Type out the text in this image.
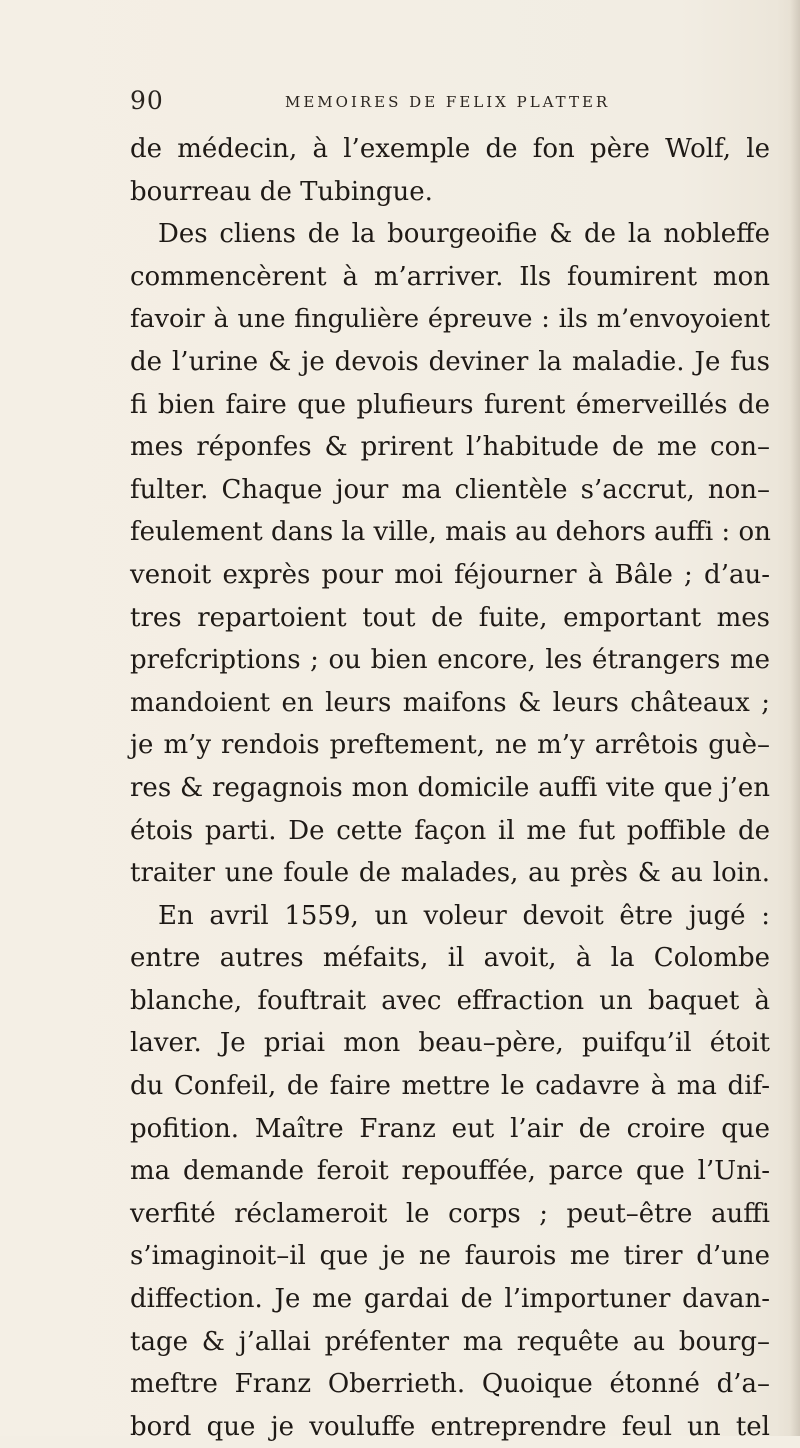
90	MEMOIRES DE FELIX PLATTER
de médecin, à l’exemple de fon père Wolf, le
bourreau de Tubingue.
Des cliens de la bourgeoifie & de la nobleffe
commencèrent à m’arriver. Ils foumirent mon
favoir à une fingulière épreuve : ils m’envoyoient
de l’urine & je devois deviner la maladie. Je fus
fi bien faire que plufieurs furent émerveillés de
mes réponfes & prirent l’habitude de me con–
fulter. Chaque jour ma clientèle s’accrut, non–
feulement dans la ville, mais au dehors auffi : on
venoit exprès pour moi féjourner à Bâle ; d’au-
tres repartoient tout de fuite, emportant mes
prefcriptions ; ou bien encore, les étrangers me
mandoient en leurs maifons & leurs châteaux ;
je m’y rendois preftement, ne m’y arrêtois guè–
res & regagnois mon domicile auffi vite que j’en
étois parti. De cette façon il me fut poffible de
traiter une foule de malades, au près & au loin.
En avril 1559, un voleur devoit être jugé :
entre autres méfaits, il avoit, à la Colombe
blanche, fouftrait avec effraction un baquet à
laver. Je priai mon beau–père, puifqu’il étoit
du Confeil, de faire mettre le cadavre à ma dif-
pofition. Maître Franz eut l’air de croire que
ma demande feroit repouffée, parce que l’Uni-
verfité réclameroit le corps ; peut–être auffi
s’imaginoit–il que je ne faurois me tirer d’une
diffection. Je me gardai de l’importuner davan-
tage & j’allai préfenter ma requête au bourg–
meftre Franz Oberrieth. Quoique étonné d’a–
bord que je vouluffe entreprendre feul un tel
